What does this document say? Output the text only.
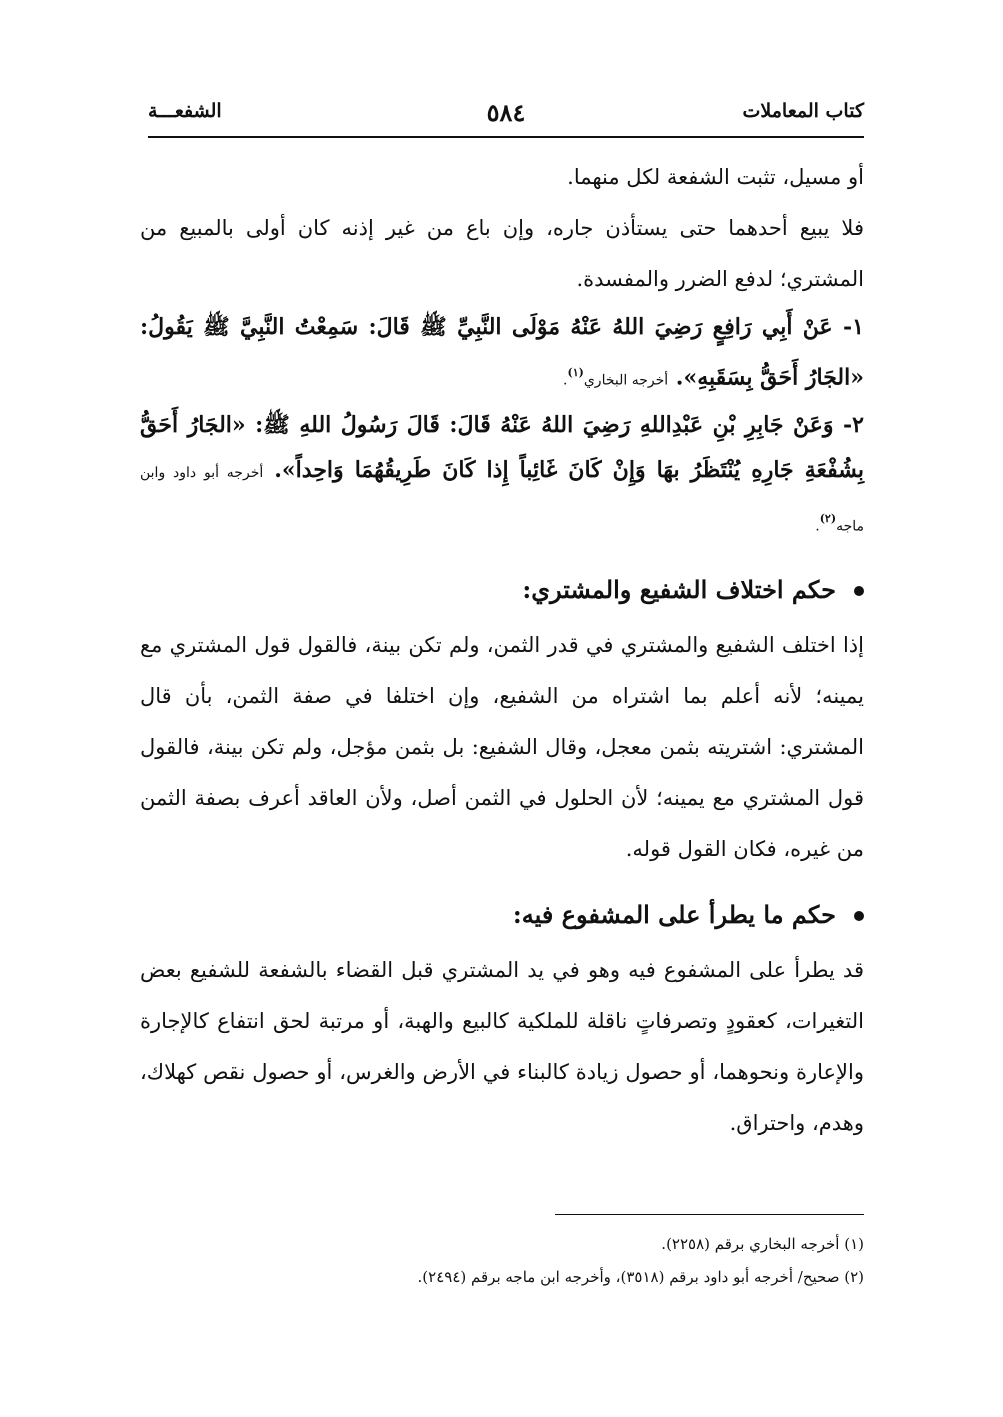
كتاب المعاملات
٥٨٤
الشفعـــة

أو مسيل، تثبت الشفعة لكل منهما.

فلا يبيع أحدهما حتى يستأذن جاره، وإن باع من غير إذنه كان أولى بالمبيع من المشتري؛ لدفع الضرر والمفسدة.

١- عَنْ أَبِي رَافِعٍ رَضِيَ اللهُ عَنْهُ مَوْلَى النَّبِيِّ ﷺ قَالَ: سَمِعْتُ النَّبِيَّ ﷺ يَقُولُ: «الجَارُ أَحَقُّ بِسَقَبِهِ». أخرجه البخاري$^{(١)}$.

٢- وَعَنْ جَابِرِ بْنِ عَبْدِاللهِ رَضِيَ اللهُ عَنْهُ قَالَ: قَالَ رَسُولُ اللهِ ﷺ: «الجَارُ أَحَقُّ بِشُفْعَةِ جَارِهِ يُنْتَظَرُ بهَا وَإِنْ كَانَ غَائِباً إِذا كَانَ طَرِيقُهُمَا وَاحِداً». أخرجه أبو داود وابن ماجه$^{(٢)}$.

حكم اختلاف الشفيع والمشتري:

إذا اختلف الشفيع والمشتري في قدر الثمن، ولم تكن بينة، فالقول قول المشتري مع يمينه؛ لأنه أعلم بما اشتراه من الشفيع، وإن اختلفا في صفة الثمن، بأن قال المشتري: اشتريته بثمن معجل، وقال الشفيع: بل بثمن مؤجل، ولم تكن بينة، فالقول قول المشتري مع يمينه؛ لأن الحلول في الثمن أصل، ولأن العاقد أعرف بصفة الثمن من غيره، فكان القول قوله.

حكم ما يطرأ على المشفوع فيه:

قد يطرأ على المشفوع فيه وهو في يد المشتري قبل القضاء بالشفعة للشفيع بعض التغيرات، كعقودٍ وتصرفاتٍ ناقلة للملكية كالبيع والهبة، أو مرتبة لحق انتفاع كالإجارة والإعارة ونحوهما، أو حصول زيادة كالبناء في الأرض والغرس، أو حصول نقص كهلاك، وهدم، واحتراق.

(١) أخرجه البخاري برقم (٢٢٥٨).

(٢) صحيح/ أخرجه أبو داود برقم (٣٥١٨)، وأخرجه ابن ماجه برقم (٢٤٩٤).
